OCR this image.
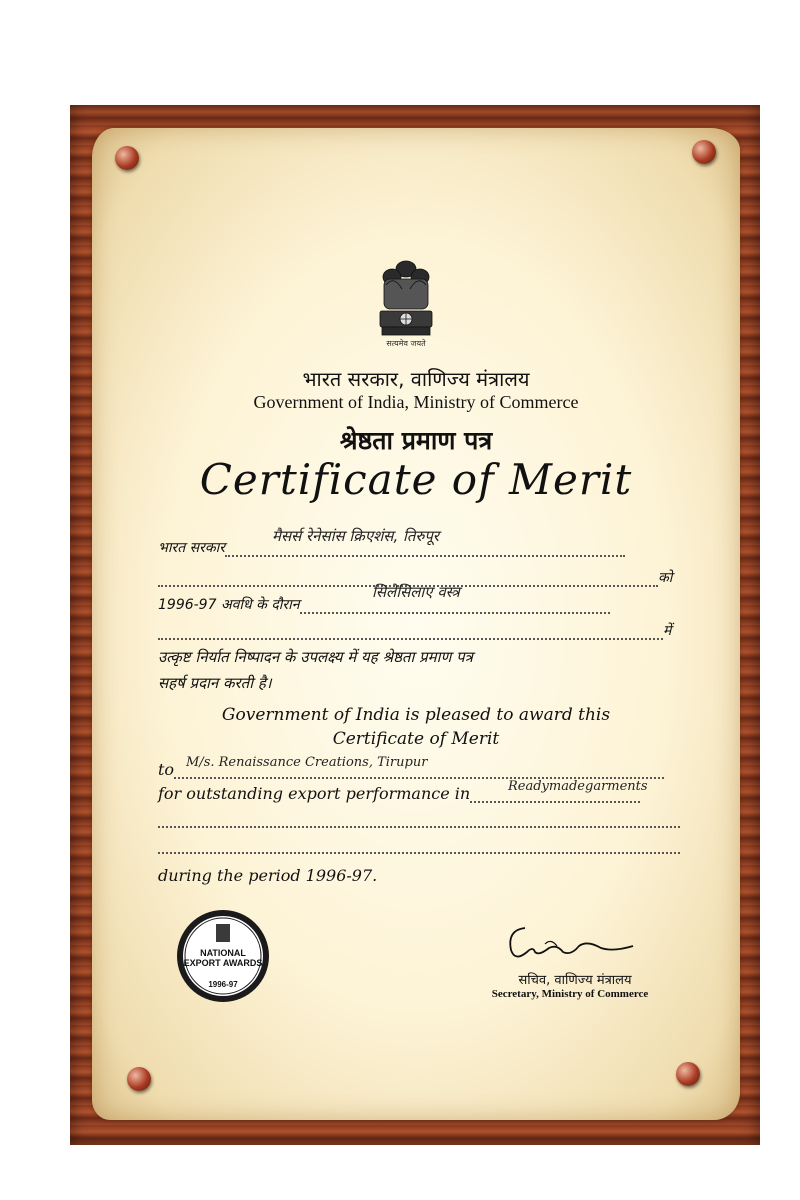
सत्यमेव जयते
भारत सरकार, वाणिज्य मंत्रालय
Government of India, Ministry of Commerce
श्रेष्ठता प्रमाण पत्र
Certificate of Merit
भारत सरकार
मैसर्स रेनेसांस क्रिएशंस, तिरुपूर
को
1996-97 अवधि के दौरान
सिलेसिलाए वस्त्र
में
उत्कृष्ट निर्यात निष्पादन के उपलक्ष्य में यह श्रेष्ठता प्रमाण पत्र
सहर्ष प्रदान करती है।
Government of India is pleased to award this
Certificate of Merit
to M/s. Renaissance Creations, Tirupur
for outstanding export performance in	Readymadegarments
during the period 1996-97.
NATIONAL
EXPORT AWARDS
1996-97	सचिव, वाणिज्य मंत्रालय
Secretary, Ministry of Commerce
